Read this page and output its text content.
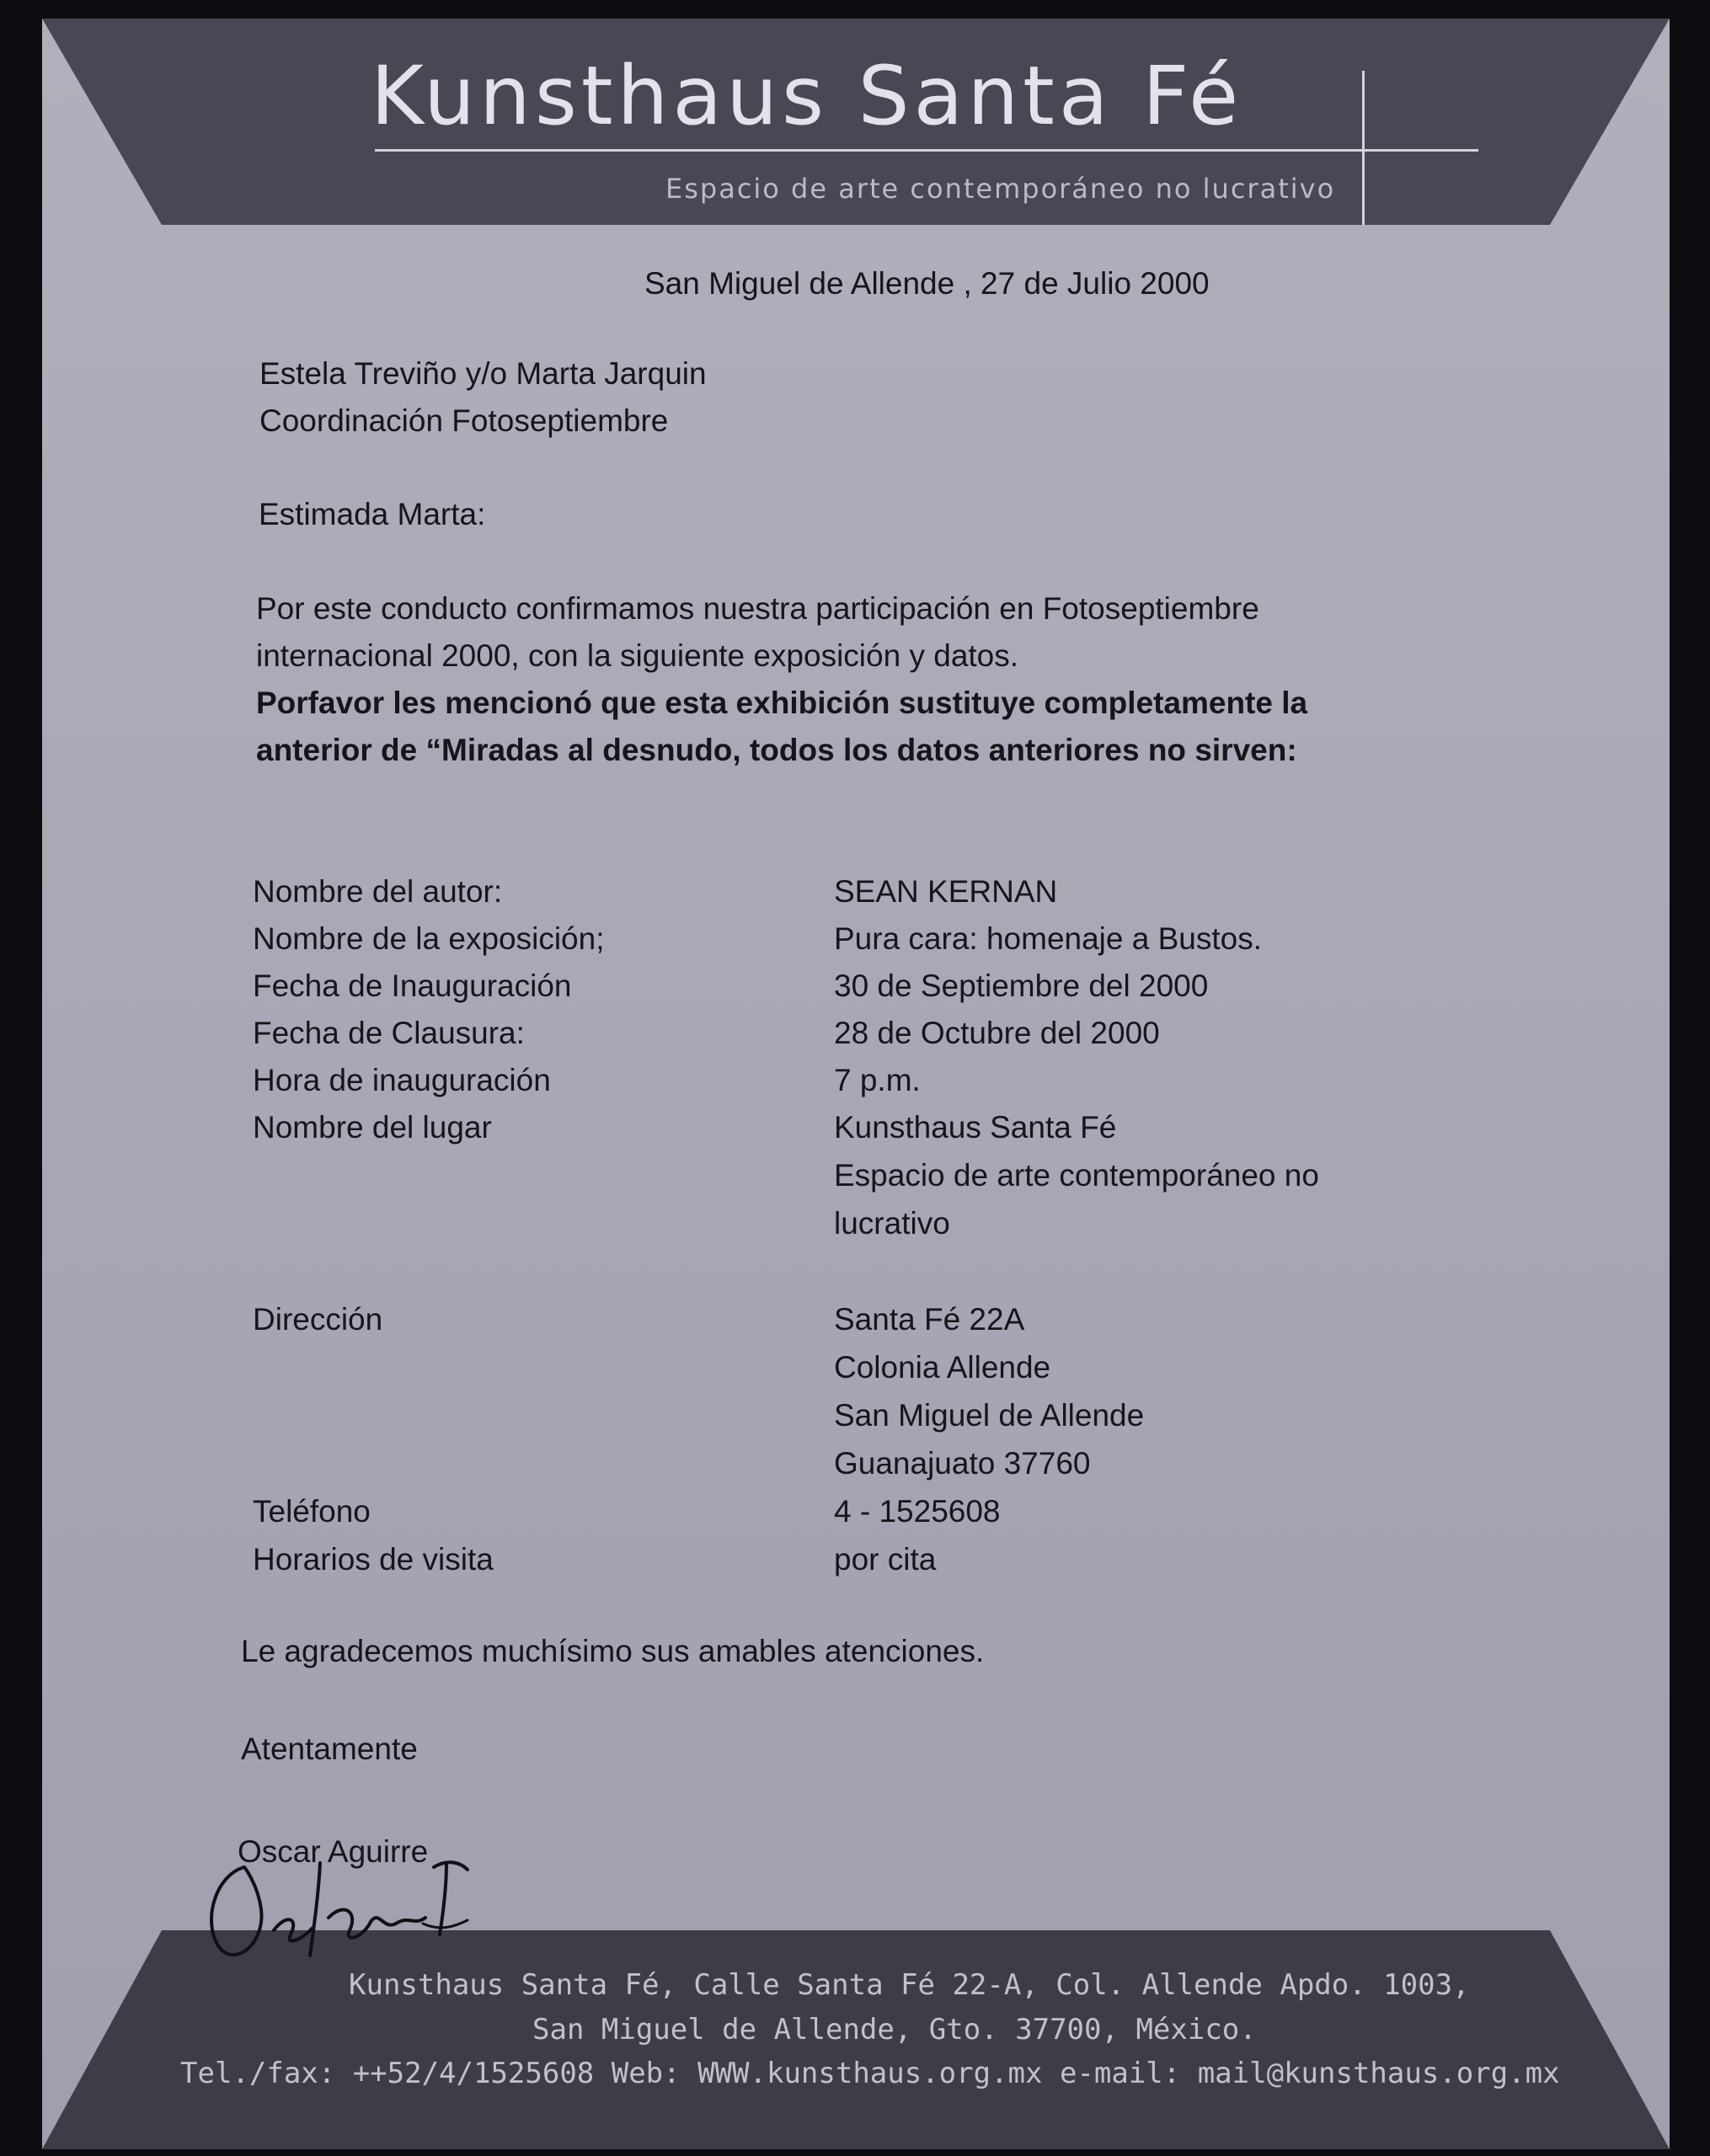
Kunsthaus Santa Fé
Espacio de arte contemporáneo no lucrativo
San Miguel de Allende , 27 de Julio 2000
Estela Treviño y/o Marta Jarquin
Coordinación Fotoseptiembre
Estimada Marta:
Por este conducto confirmamos nuestra participación en Fotoseptiembre
internacional 2000, con la siguiente exposición y datos.
Porfavor les mencionó que esta exhibición sustituye completamente la
anterior de “Miradas al desnudo, todos los datos anteriores no sirven:
Nombre del autor:	SEAN KERNAN
Nombre de la exposición;	Pura cara: homenaje a Bustos.
Fecha de Inauguración	30 de Septiembre del 2000
Fecha de Clausura:	28 de Octubre del 2000
Hora de inauguración	7 p.m.
Nombre del lugar	Kunsthaus Santa Fé
Espacio de arte contemporáneo no
lucrativo
Dirección	Santa Fé 22A
Colonia Allende
San Miguel de Allende
Guanajuato 37760
Teléfono	4 - 1525608
Horarios de visita	por cita
Le agradecemos muchísimo sus amables atenciones.
Atentamente
Kunsthaus Santa Fé, Calle Santa Fé 22-A, Col. Allende Apdo. 1003,
San Miguel de Allende, Gto. 37700, México.
Tel./fax: ++52/4/1525608 Web: WWW.kunsthaus.org.mx e-mail: mail@kunsthaus.org.mx
Oscar Aguirre
